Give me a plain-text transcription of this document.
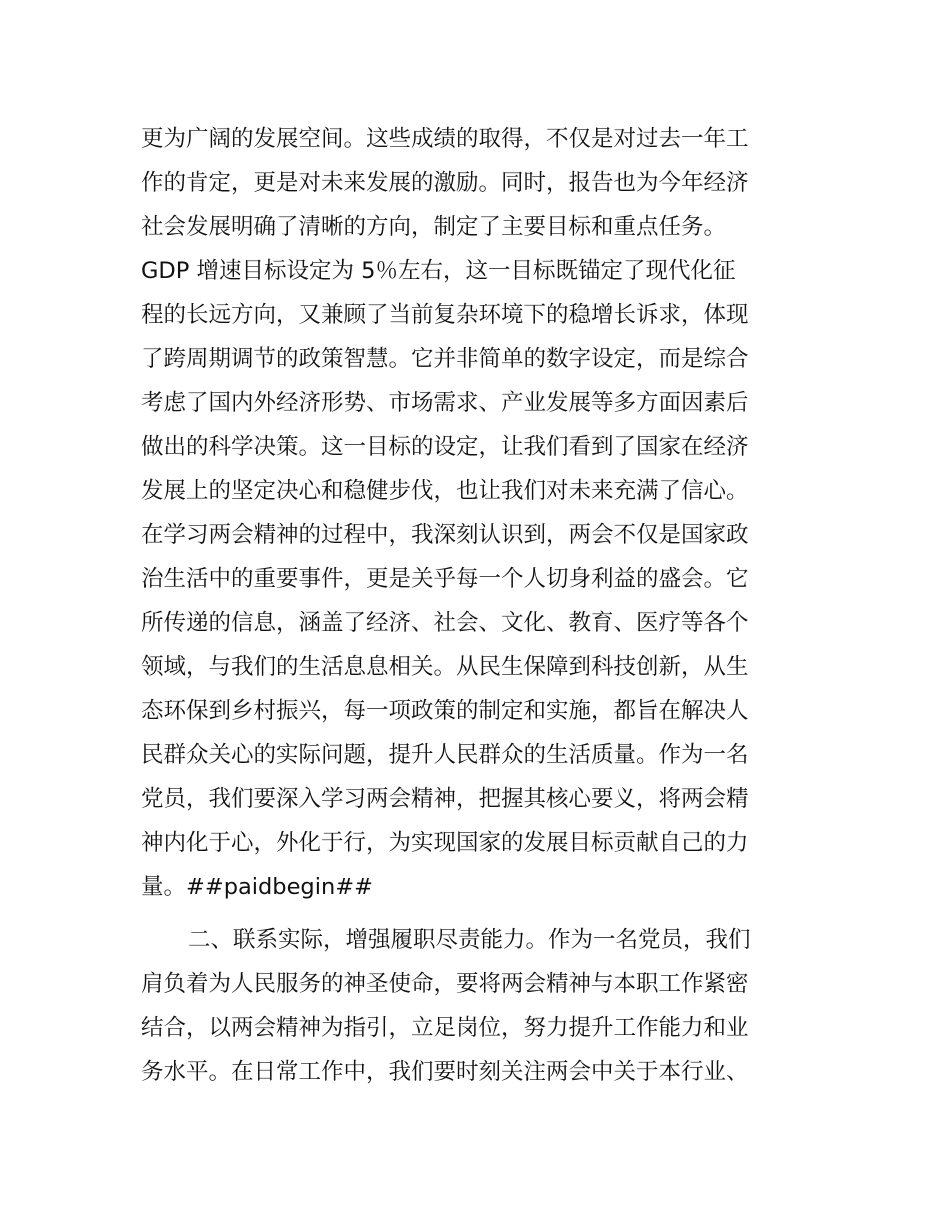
更为广阔的发展空间。这些成绩的取得，不仅是对过去一年工
作的肯定，更是对未来发展的激励。同时，报告也为今年经济
社会发展明确了清晰的方向，制定了主要目标和重点任务。
GDP 增速目标设定为 5％左右，这一目标既锚定了现代化征
程的长远方向，又兼顾了当前复杂环境下的稳增长诉求，体现
了跨周期调节的政策智慧。它并非简单的数字设定，而是综合
考虑了国内外经济形势、市场需求、产业发展等多方面因素后
做出的科学决策。这一目标的设定，让我们看到了国家在经济
发展上的坚定决心和稳健步伐，也让我们对未来充满了信心。
在学习两会精神的过程中，我深刻认识到，两会不仅是国家政
治生活中的重要事件，更是关乎每一个人切身利益的盛会。它
所传递的信息，涵盖了经济、社会、文化、教育、医疗等各个
领域，与我们的生活息息相关。从民生保障到科技创新，从生
态环保到乡村振兴，每一项政策的制定和实施，都旨在解决人
民群众关心的实际问题，提升人民群众的生活质量。作为一名
党员，我们要深入学习两会精神，把握其核心要义，将两会精
神内化于心，外化于行，为实现国家的发展目标贡献自己的力
量。##paidbegin##
二、联系实际，增强履职尽责能力。作为一名党员，我们
肩负着为人民服务的神圣使命，要将两会精神与本职工作紧密
结合，以两会精神为指引，立足岗位，努力提升工作能力和业
务水平。在日常工作中，我们要时刻关注两会中关于本行业、
